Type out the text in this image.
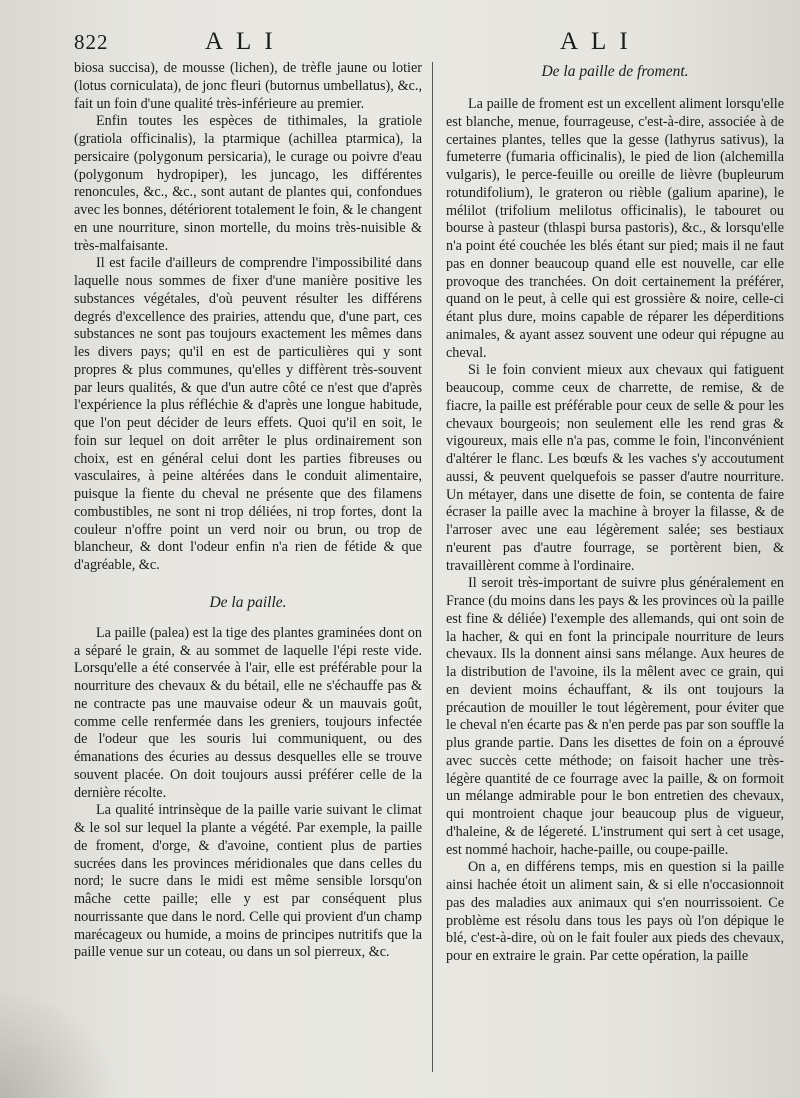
822	ALI	ALI

biosa succisa), de mousse (lichen), de trèfle jaune ou lotier (lotus corniculata), de jonc fleuri (butornus umbellatus), &c., fait un foin d'une qualité très-inférieure au premier.

Enfin toutes les espèces de tithimales, la gratiole (gratiola officinalis), la ptarmique (achillea ptarmica), la persicaire (polygonum persicaria), le curage ou poivre d'eau (polygonum hydropiper), les juncago, les différentes renoncules, &c., &c., sont autant de plantes qui, confondues avec les bonnes, détériorent totalement le foin, & le changent en une nourriture, sinon mortelle, du moins très-nuisible & très-malfaisante.

Il est facile d'ailleurs de comprendre l'impossibilité dans laquelle nous sommes de fixer d'une manière positive les substances végétales, d'où peuvent résulter les différens degrés d'excellence des prairies, attendu que, d'une part, ces substances ne sont pas toujours exactement les mêmes dans les divers pays; qu'il en est de particulières qui y sont propres & plus communes, qu'elles y diffèrent très-souvent par leurs qualités, & que d'un autre côté ce n'est que d'après l'expérience la plus réfléchie & d'après une longue habitude, que l'on peut décider de leurs effets. Quoi qu'il en soit, le foin sur lequel on doit arrêter le plus ordinairement son choix, est en général celui dont les parties fibreuses ou vasculaires, à peine altérées dans le conduit alimentaire, puisque la fiente du cheval ne présente que des filamens combustibles, ne sont ni trop déliées, ni trop fortes, dont la couleur n'offre point un verd noir ou brun, ou trop de blancheur, & dont l'odeur enfin n'a rien de fétide & que d'agréable, &c.

De la paille.

La paille (palea) est la tige des plantes graminées dont on a séparé le grain, & au sommet de laquelle l'épi reste vide. Lorsqu'elle a été conservée à l'air, elle est préférable pour la nourriture des chevaux & du bétail, elle ne s'échauffe pas & ne contracte pas une mauvaise odeur & un mauvais goût, comme celle renfermée dans les greniers, toujours infectée de l'odeur que les souris lui communiquent, ou des émanations des écuries au dessus desquelles elle se trouve souvent placée. On doit toujours aussi préférer celle de la dernière récolte.

La qualité intrinsèque de la paille varie suivant le climat & le sol sur lequel la plante a végété. Par exemple, la paille de froment, d'orge, & d'avoine, contient plus de parties sucrées dans les provinces méridionales que dans celles du nord; le sucre dans le midi est même sensible lorsqu'on mâche cette paille; elle y est par conséquent plus nourrissante que dans le nord. Celle qui provient d'un champ marécageux ou humide, a moins de principes nutritifs que la paille venue sur un coteau, ou dans un sol pierreux, &c.

De la paille de froment.

La paille de froment est un excellent aliment lorsqu'elle est blanche, menue, fourrageuse, c'est-à-dire, associée à de certaines plantes, telles que la gesse (lathyrus sativus), la fumeterre (fumaria officinalis), le pied de lion (alchemilla vulgaris), le perce-feuille ou oreille de lièvre (bupleurum rotundifolium), le grateron ou rièble (galium aparine), le mélilot (trifolium melilotus officinalis), le tabouret ou bourse à pasteur (thlaspi bursa pastoris), &c., & lorsqu'elle n'a point été couchée les blés étant sur pied; mais il ne faut pas en donner beaucoup quand elle est nouvelle, car elle provoque des tranchées. On doit certainement la préférer, quand on le peut, à celle qui est grossière & noire, celle-ci étant plus dure, moins capable de réparer les déperditions animales, & ayant assez souvent une odeur qui répugne au cheval.

Si le foin convient mieux aux chevaux qui fatiguent beaucoup, comme ceux de charrette, de remise, & de fiacre, la paille est préférable pour ceux de selle & pour les chevaux bourgeois; non seulement elle les rend gras & vigoureux, mais elle n'a pas, comme le foin, l'inconvénient d'altérer le flanc. Les bœufs & les vaches s'y accoutument aussi, & peuvent quelquefois se passer d'autre nourriture. Un métayer, dans une disette de foin, se contenta de faire écraser la paille avec la machine à broyer la filasse, & de l'arroser avec une eau légèrement salée; ses bestiaux n'eurent pas d'autre fourrage, se portèrent bien, & travaillèrent comme à l'ordinaire.

Il seroit très-important de suivre plus généralement en France (du moins dans les pays & les provinces où la paille est fine & déliée) l'exemple des allemands, qui ont soin de la hacher, & qui en font la principale nourriture de leurs chevaux. Ils la donnent ainsi sans mélange. Aux heures de la distribution de l'avoine, ils la mêlent avec ce grain, qui en devient moins échauffant, & ils ont toujours la précaution de mouiller le tout légèrement, pour éviter que le cheval n'en écarte pas & n'en perde pas par son souffle la plus grande partie. Dans les disettes de foin on a éprouvé avec succès cette méthode; on faisoit hacher une très-légère quantité de ce fourrage avec la paille, & on formoit un mélange admirable pour le bon entretien des chevaux, qui montroient chaque jour beaucoup plus de vigueur, d'haleine, & de légereté. L'instrument qui sert à cet usage, est nommé hachoir, hache-paille, ou coupe-paille.

On a, en différens temps, mis en question si la paille ainsi hachée étoit un aliment sain, & si elle n'occasionnoit pas des maladies aux animaux qui s'en nourrissoient. Ce problème est résolu dans tous les pays où l'on dépique le blé, c'est-à-dire, où on le fait fouler aux pieds des chevaux, pour en extraire le grain. Par cette opération, la paille
